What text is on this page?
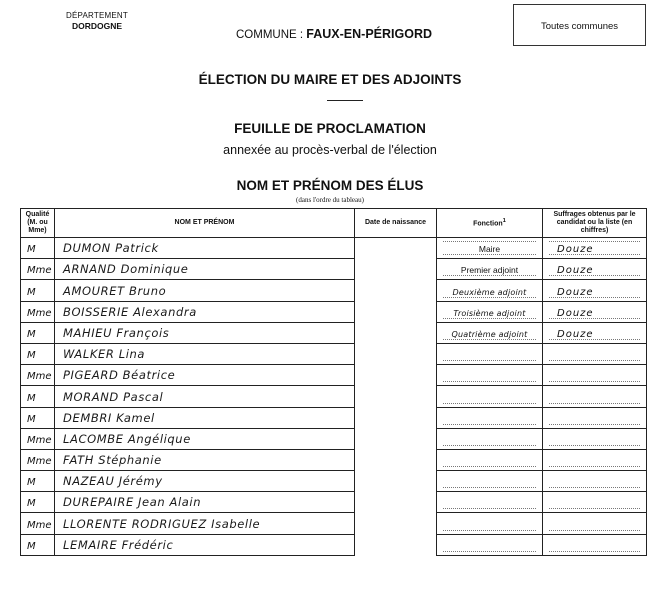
DÉPARTEMENT
DORDOGNE
COMMUNE : FAUX-EN-PÉRIGORD
Toutes communes
ÉLECTION DU MAIRE ET DES ADJOINTS
FEUILLE DE PROCLAMATION
annexée au procès-verbal de l'élection
NOM ET PRÉNOM DES ÉLUS
(dans l'ordre du tableau)
Qualité (M. ou Mme)	NOM ET PRÉNOM	Date de naissance	Fonction$^1$	Suffrages obtenus par le candidat ou la liste (en chiffres)

M	DUMON Patrick		Maire	Douze

Mme	ARNAND Dominique		Premier adjoint	Douze

M	AMOURET Bruno		Deuxième adjoint	Douze

Mme	BOISSERIE Alexandra		Troisième adjoint	Douze

M	MAHIEU François		Quatrième adjoint	Douze

M	WALKER Lina			

Mme	PIGEARD Béatrice			

M	MORAND Pascal			

M	DEMBRI Kamel			

Mme	LACOMBE Angélique			

Mme	FATH Stéphanie			

M	NAZEAU Jérémy			

M	DUREPAIRE Jean Alain			

Mme	LLORENTE RODRIGUEZ Isabelle			

M	LEMAIRE Frédéric			
